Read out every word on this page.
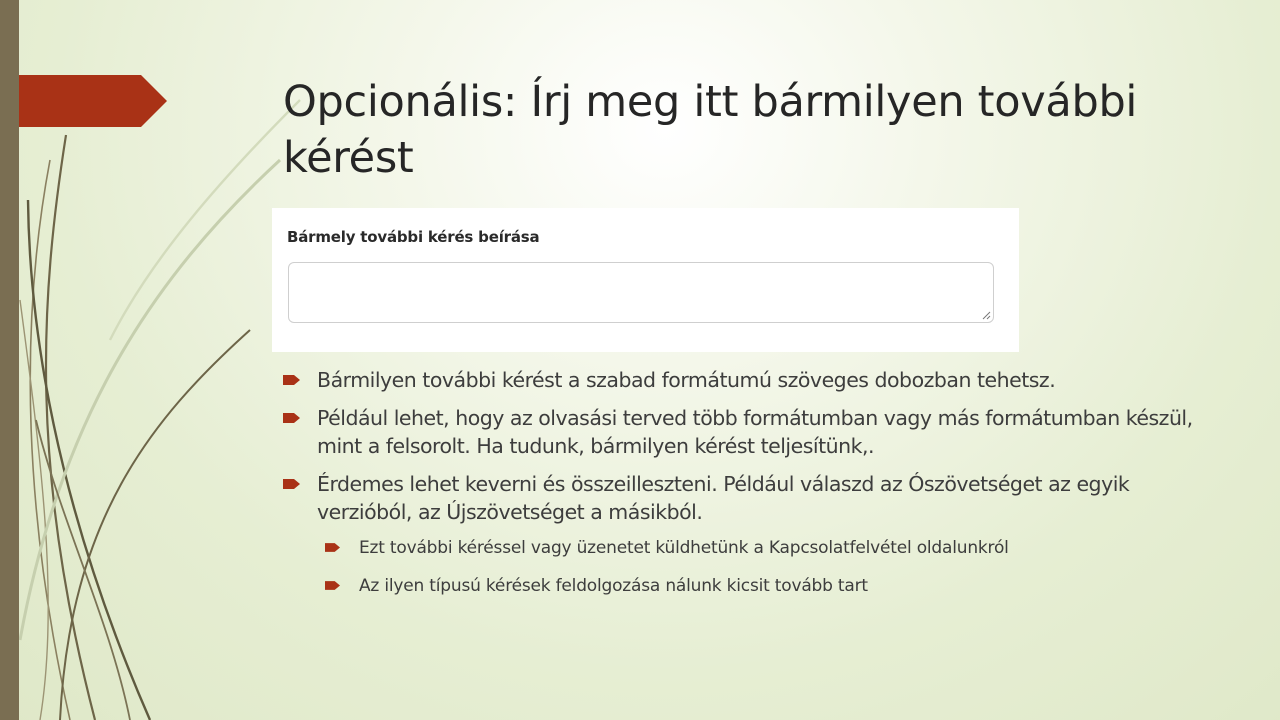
Opcionális: Írj meg itt bármilyen további kérést
Bármely további kérés beírása
Bármilyen további kérést a szabad formátumú szöveges dobozban tehetsz.
Például lehet, hogy az olvasási terved több formátumban vagy más formátumban készül, mint a felsorolt. Ha tudunk, bármilyen kérést teljesítünk,.
Érdemes lehet keverni és összeilleszteni. Például válaszd az Ószövetséget az egyik verzióból, az Újszövetséget a másikból.
Ezt további kéréssel vagy üzenetet küldhetünk a Kapcsolatfelvétel oldalunkról
Az ilyen típusú kérések feldolgozása nálunk kicsit tovább tart
